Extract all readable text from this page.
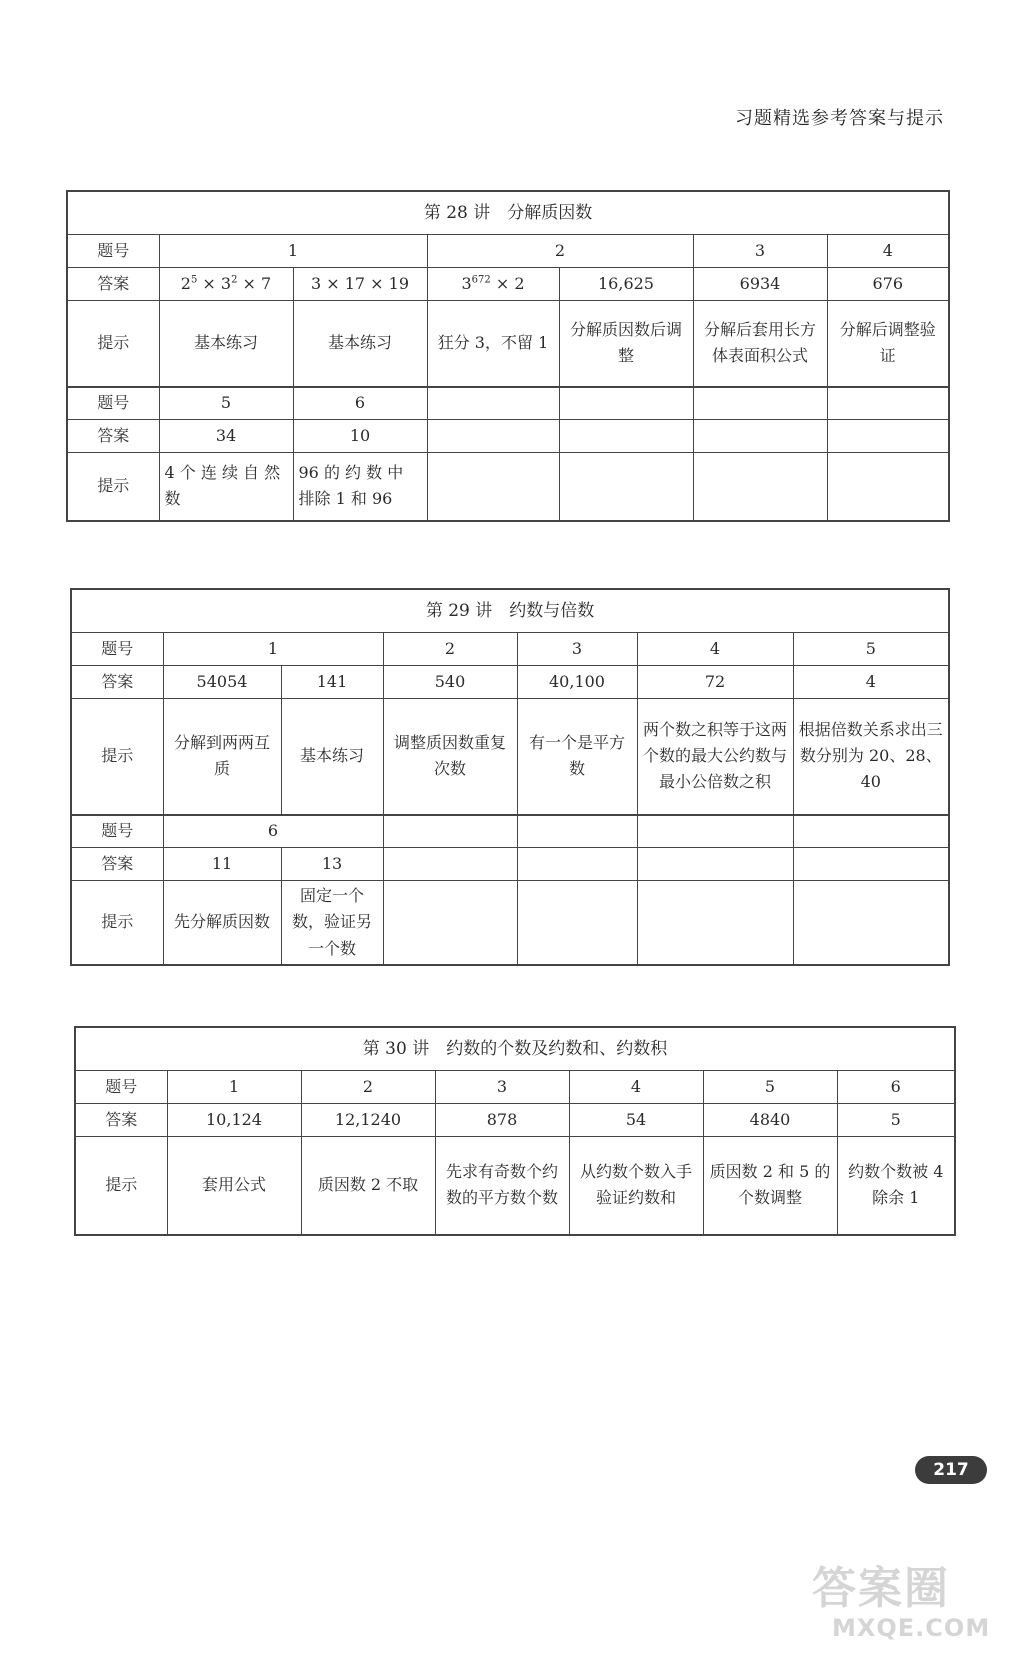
习题精选参考答案与提示
第 28 讲　分解质因数						
题号	1		2		3	4
答案	$2^5 \times 3^2 \times 7$	3 × 17 × 19	$3^{672} \times 2$	16,625	6934	676
提示	基本练习	基本练习	狂分 3，不留 1	分解质因数后调整	分解后套用长方体表面积公式	分解后调整验证
题号	5	6				
答案	34	10				
提示	4 个 连 续 自 然数	96 的 约 数 中 排除 1 和 96				
第 29 讲　约数与倍数						
题号	1		2	3	4	5
答案	54054	141	540	40,100	72	4
提示	分解到两两互质	基本练习	调整质因数重复次数	有一个是平方数	两个数之积等于这两个数的最大公约数与最小公倍数之积	根据倍数关系求出三数分别为 20、28、40
题号	6					
答案	11	13				
提示	先分解质因数	固定一个数，验证另一个数				
第 30 讲　约数的个数及约数和、约数积						
题号	1	2	3	4	5	6
答案	10,124	12,1240	878	54	4840	5
提示	套用公式	质因数 2 不取	先求有奇数个约数的平方数个数	从约数个数入手验证约数和	质因数 2 和 5 的个数调整	约数个数被 4 除余 1
217
答案圈
MXQE.COM
